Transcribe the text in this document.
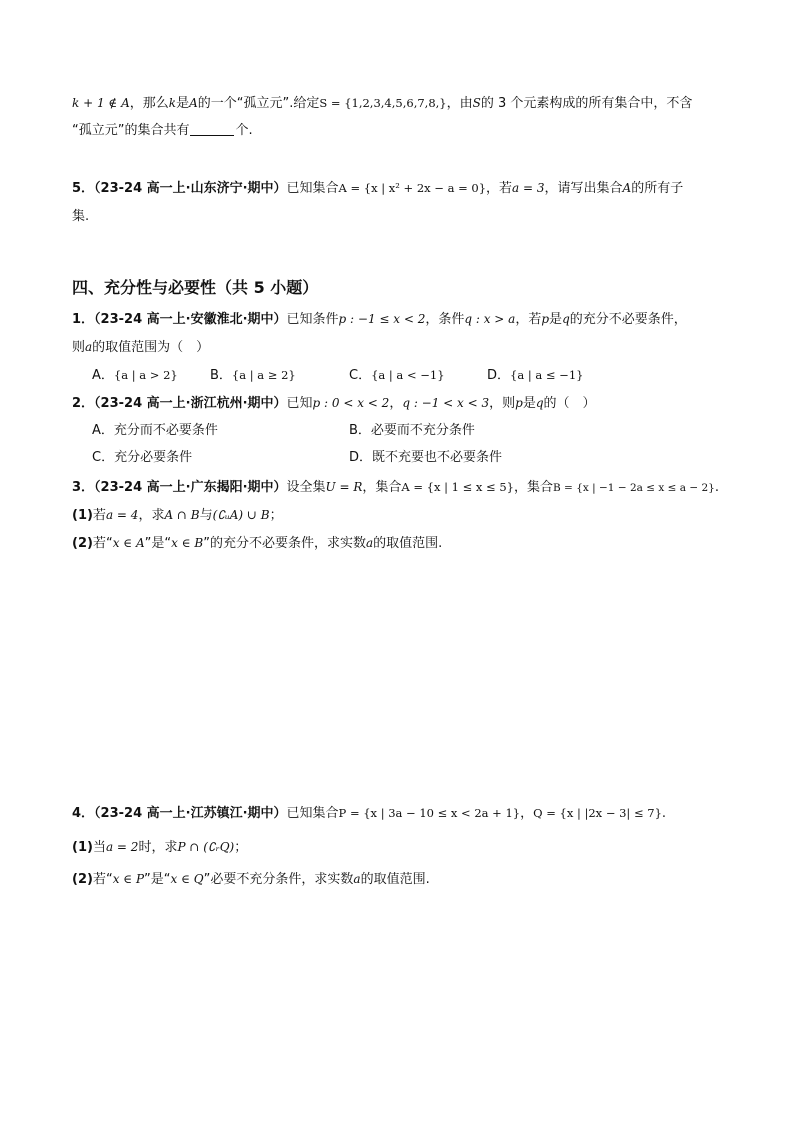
k + 1 ∉ A，那么k是A的一个“孤立元”.给定S = {1,2,3,4,5,6,7,8,}，由S的 3 个元素构成的所有集合中，不含
“孤立元”的集合共有	个.
5．（23-24 高一上·山东济宁·期中）已知集合A = {x | x² + 2x − a = 0}，若a = 3，请写出集合A的所有子
集.
四、充分性与必要性（共 5 小题）
1．（23-24 高一上·安徽淮北·期中）已知条件p : −1 ≤ x < 2，条件q : x > a，若p是q的充分不必要条件，
则a的取值范围为（　）
A．{a | a > 2} B．{a | a ≥ 2}	C．{a | a < −1}	D．{a | a ≤ −1}
2．（23-24 高一上·浙江杭州·期中）已知p : 0 < x < 2，q : −1 < x < 3，则p是q的（　）
A．充分而不必要条件	B．必要而不充分条件
C．充分必要条件	D．既不充要也不必要条件
3．（23-24 高一上·广东揭阳·期中）设全集U = R，集合A = {x | 1 ≤ x ≤ 5}，集合B = {x | −1 − 2a ≤ x ≤ a − 2}.
(1)若a = 4，求A ∩ B与(∁ᵤA) ∪ B；
(2)若“x ∈ A”是“x ∈ B”的充分不必要条件，求实数a的取值范围.
4．（23-24 高一上·江苏镇江·期中）已知集合P = {x | 3a − 10 ≤ x < 2a + 1}，Q = {x | |2x − 3| ≤ 7}.
(1)当a = 2时，求P ∩ (∁ᵣQ)；
(2)若“x ∈ P”是“x ∈ Q”必要不充分条件，求实数a的取值范围.
